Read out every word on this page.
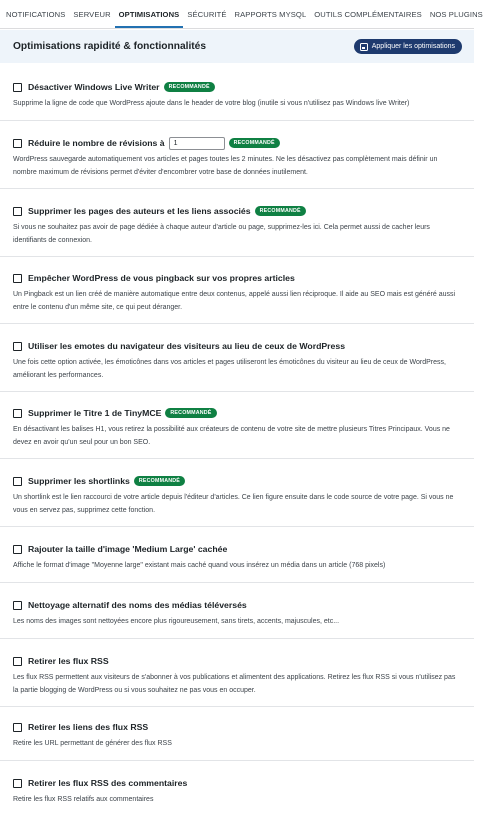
NOTIFICATIONS	SERVEUR	OPTIMISATIONS	SÉCURITÉ	RAPPORTS MYSQL	OUTILS COMPLÉMENTAIRES	NOS PLUGINS
Optimisations rapidité & fonctionnalités	Appliquer les optimisations
Désactiver Windows Live Writer	RECOMMANDÉ
Supprime la ligne de code que WordPress ajoute dans le header de votre blog (inutile si vous n'utilisez pas Windows live Writer)
Réduire le nombre de révisions à
1	RECOMMANDÉ
WordPress sauvegarde automatiquement vos articles et pages toutes les 2 minutes. Ne les désactivez pas complètement mais définir un nombre maximum de révisions permet d'éviter d'encombrer votre base de données inutilement.
Supprimer les pages des auteurs et les liens associés	RECOMMANDÉ
Si vous ne souhaitez pas avoir de page dédiée à chaque auteur d'article ou page, supprimez-les ici. Cela permet aussi de cacher leurs identifiants de connexion.
Empêcher WordPress de vous pingback sur vos propres articles
Un Pingback est un lien créé de manière automatique entre deux contenus, appelé aussi lien réciproque. Il aide au SEO mais est généré aussi entre le contenu d'un même site, ce qui peut déranger.
Utiliser les emotes du navigateur des visiteurs au lieu de ceux de WordPress
Une fois cette option activée, les émoticônes dans vos articles et pages utiliseront les émoticônes du visiteur au lieu de ceux de WordPress, améliorant les performances.
Supprimer le Titre 1 de TinyMCE	RECOMMANDÉ
En désactivant les balises H1, vous retirez la possibilité aux créateurs de contenu de votre site de mettre plusieurs Titres Principaux. Vous ne devez en avoir qu'un seul pour un bon SEO.
Supprimer les shortlinks	RECOMMANDÉ
Un shortlink est le lien raccourci de votre article depuis l'éditeur d'articles. Ce lien figure ensuite dans le code source de votre page. Si vous ne vous en servez pas, supprimez cette fonction.
Rajouter la taille d'image 'Medium Large' cachée
Affiche le format d'image "Moyenne large" existant mais caché quand vous insérez un média dans un article (768 pixels)
Nettoyage alternatif des noms des médias téléversés
Les noms des images sont nettoyées encore plus rigoureusement, sans tirets, accents, majuscules, etc...
Retirer les flux RSS
Les flux RSS permettent aux visiteurs de s'abonner à vos publications et alimentent des applications. Retirez les flux RSS si vous n'utilisez pas la partie blogging de WordPress ou si vous souhaitez ne pas vous en occuper.
Retirer les liens des flux RSS
Retire les URL permettant de générer des flux RSS
Retirer les flux RSS des commentaires
Retire les flux RSS relatifs aux commentaires
